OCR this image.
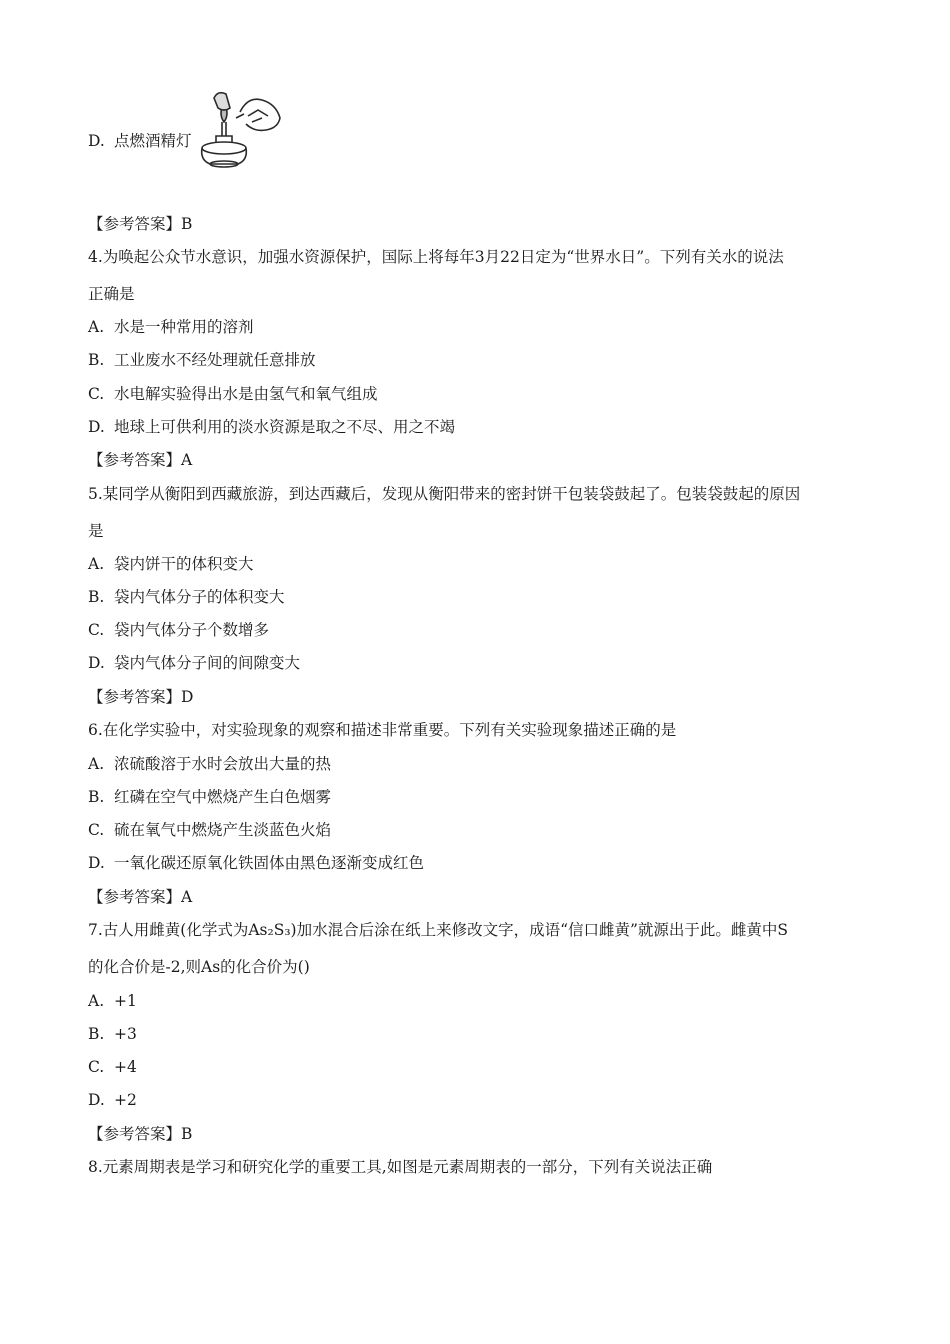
D. 点燃酒精灯
【参考答案】B
4.为唤起公众节水意识，加强水资源保护，国际上将每年3月22日定为“世界水日”。下列有关水的说法
正确是
A. 水是一种常用的溶剂
B. 工业废水不经处理就任意排放
C. 水电解实验得出水是由氢气和氧气组成
D. 地球上可供利用的淡水资源是取之不尽、用之不竭
【参考答案】A
5.某同学从衡阳到西藏旅游，到达西藏后，发现从衡阳带来的密封饼干包装袋鼓起了。包装袋鼓起的原因
是
A. 袋内饼干的体积变大
B. 袋内气体分子的体积变大
C. 袋内气体分子个数增多
D. 袋内气体分子间的间隙变大
【参考答案】D
6.在化学实验中，对实验现象的观察和描述非常重要。下列有关实验现象描述正确的是
A. 浓硫酸溶于水时会放出大量的热
B. 红磷在空气中燃烧产生白色烟雾
C. 硫在氧气中燃烧产生淡蓝色火焰
D. 一氧化碳还原氧化铁固体由黑色逐渐变成红色
【参考答案】A
7.古人用雌黄(化学式为As₂S₃)加水混合后涂在纸上来修改文字，成语“信口雌黄”就源出于此。雌黄中S
的化合价是-2,则As的化合价为()
A. +1
B. +3
C. +4
D. +2
【参考答案】B
8.元素周期表是学习和研究化学的重要工具,如图是元素周期表的一部分，下列有关说法正确
